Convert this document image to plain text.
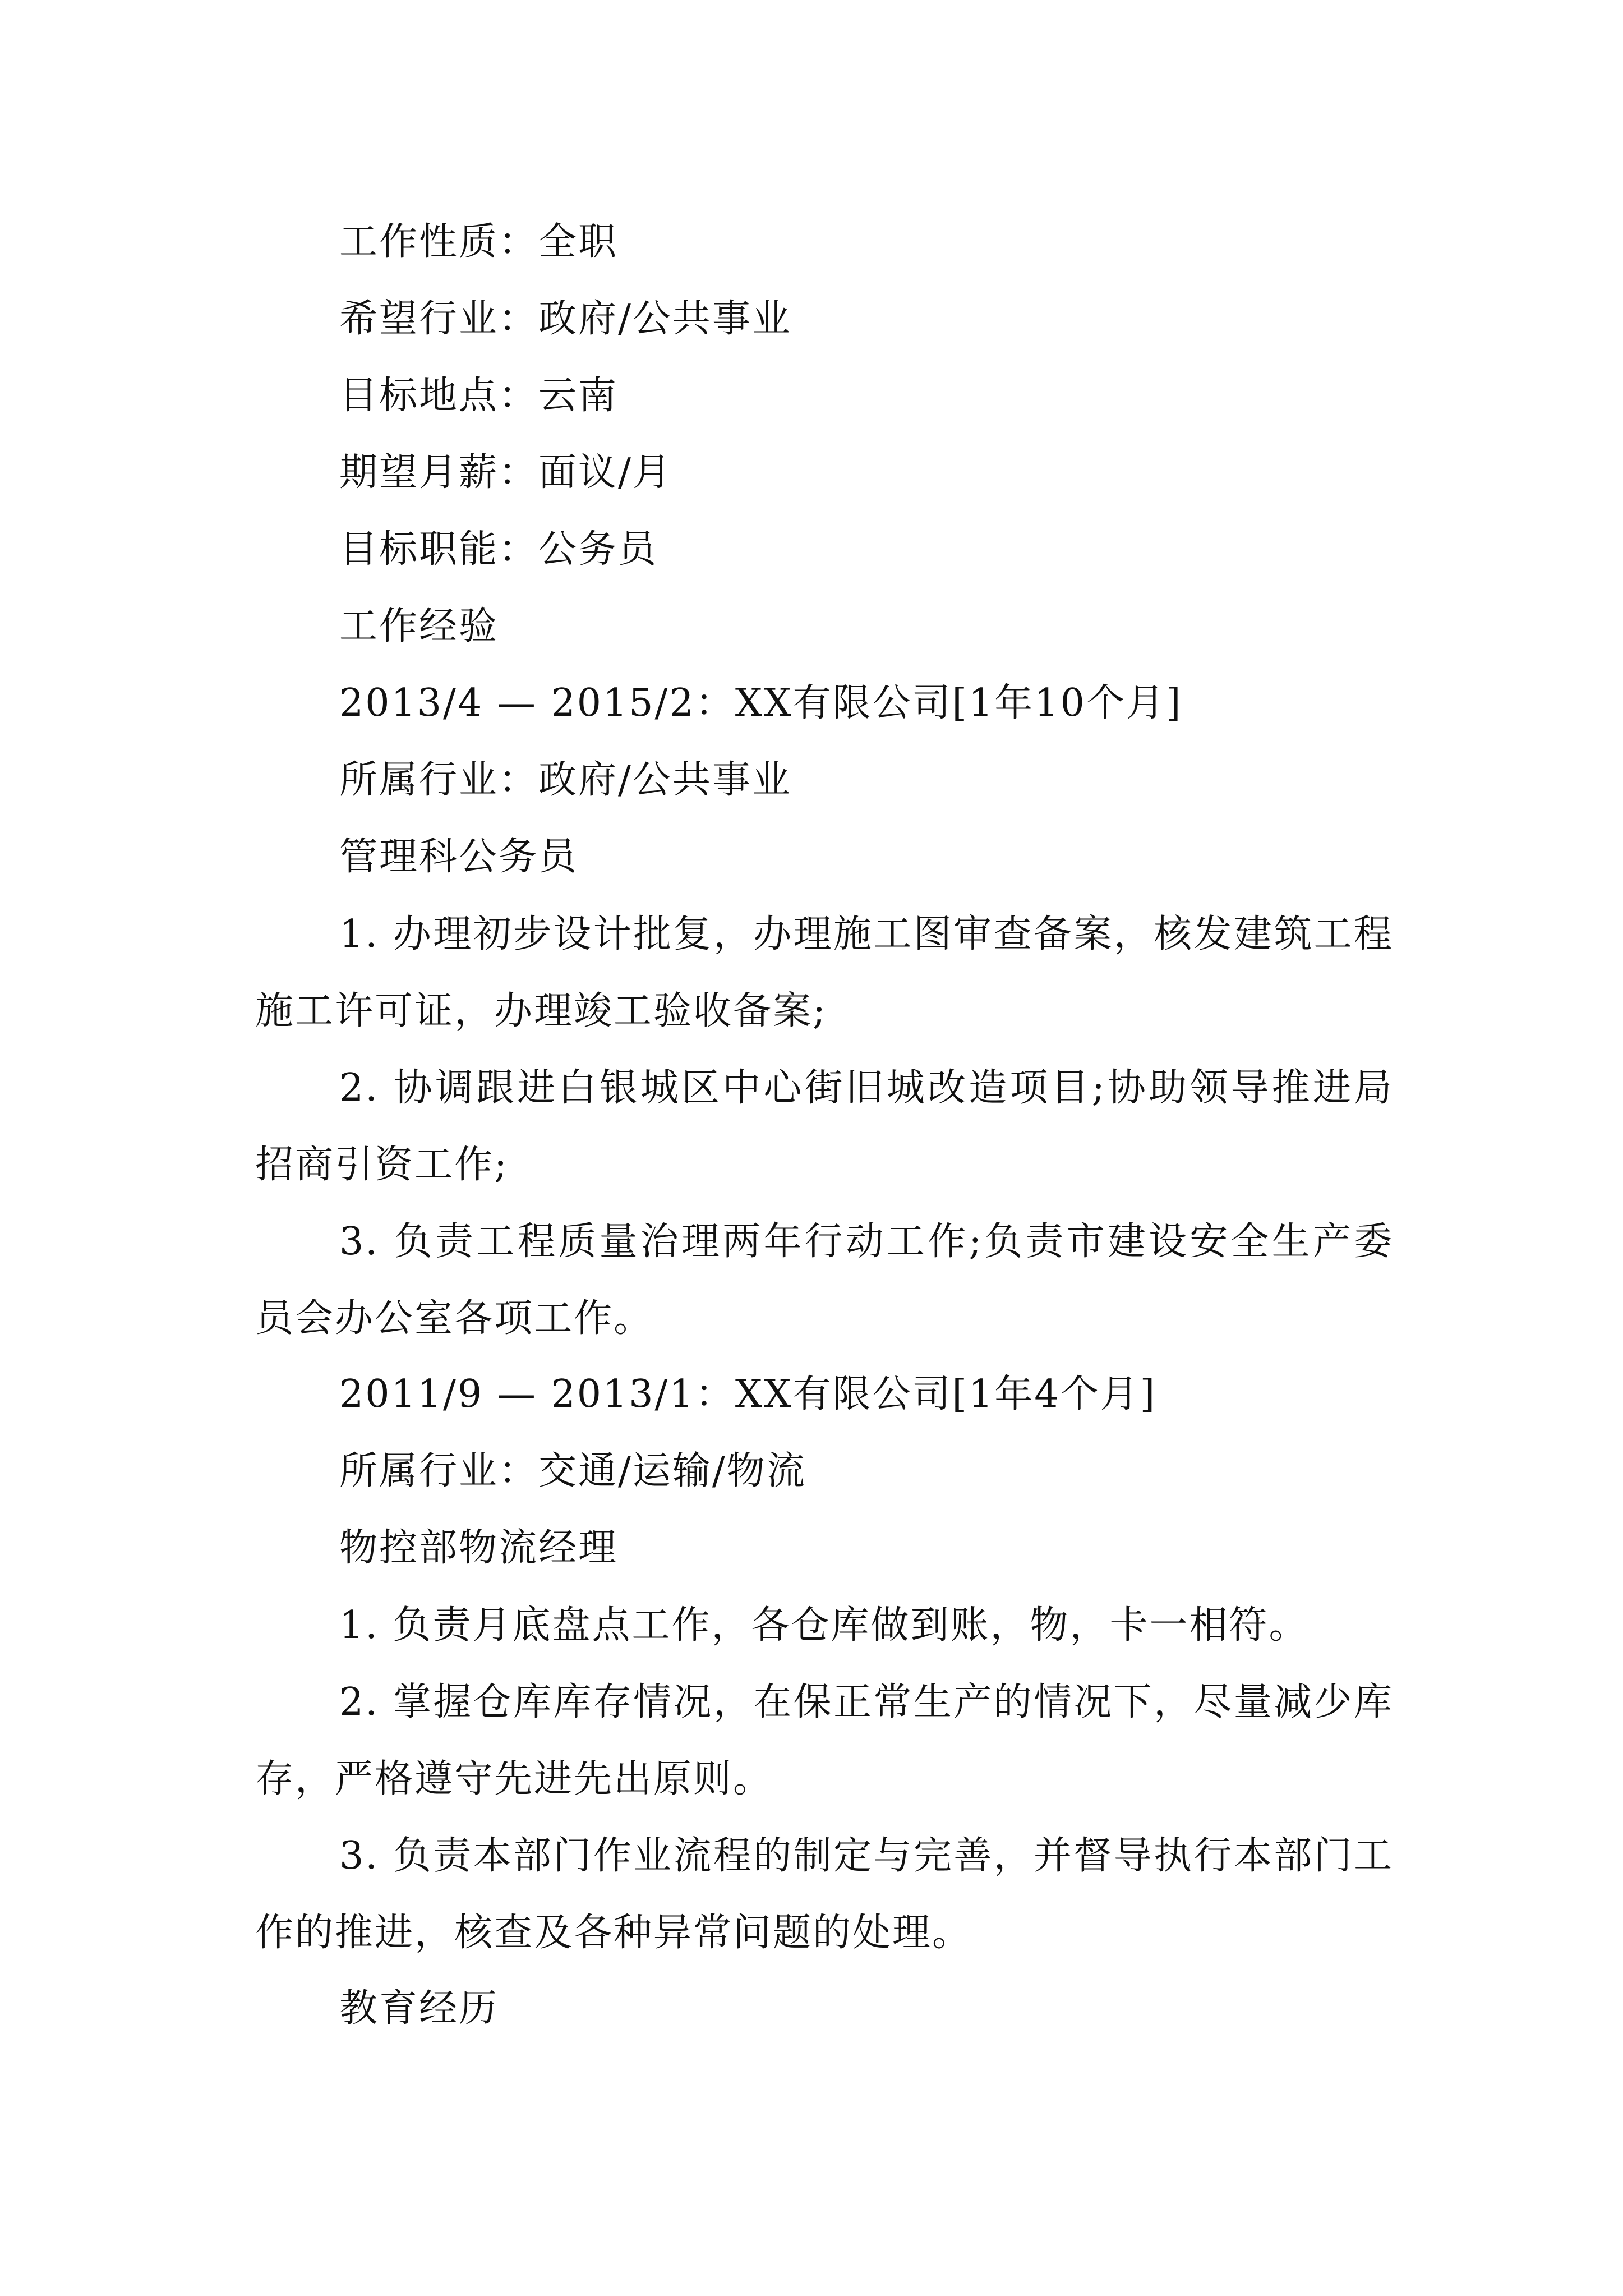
工作性质：全职
希望行业：政府/公共事业
目标地点：云南
期望月薪：面议/月
目标职能：公务员
工作经验
2013/4 — 2015/2：XX有限公司[1年10个月]
所属行业：政府/公共事业
管理科公务员
1. 办理初步设计批复，办理施工图审查备案，核发建筑工程施工许可证，办理竣工验收备案;
2. 协调跟进白银城区中心街旧城改造项目;协助领导推进局招商引资工作;
3. 负责工程质量治理两年行动工作;负责市建设安全生产委员会办公室各项工作。
2011/9 — 2013/1：XX有限公司[1年4个月]
所属行业：交通/运输/物流
物控部物流经理
1. 负责月底盘点工作，各仓库做到账，物，卡一相符。
2. 掌握仓库库存情况，在保正常生产的情况下，尽量减少库存，严格遵守先进先出原则。
3. 负责本部门作业流程的制定与完善，并督导执行本部门工作的推进，核查及各种异常问题的处理。
教育经历
